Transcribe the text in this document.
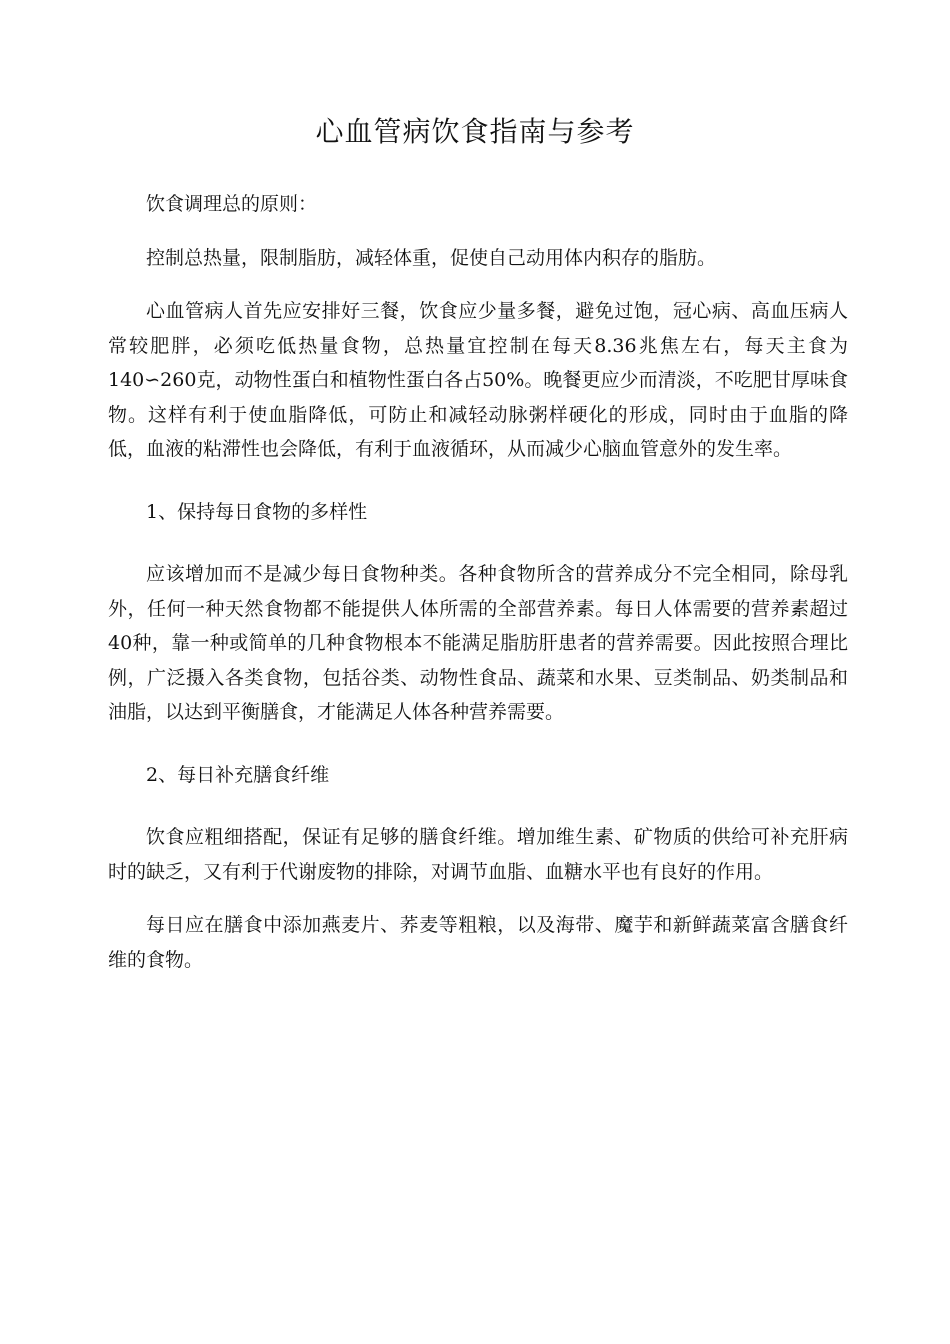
心血管病饮食指南与参考

饮食调理总的原则：

控制总热量，限制脂肪，减轻体重，促使自己动用体内积存的脂肪。

心血管病人首先应安排好三餐，饮食应少量多餐，避免过饱，冠心病、高血压病人常较肥胖，必须吃低热量食物，总热量宜控制在每天8.36兆焦左右，每天主食为140∽260克，动物性蛋白和植物性蛋白各占50%。晚餐更应少而清淡，不吃肥甘厚味食物。这样有利于使血脂降低，可防止和减轻动脉粥样硬化的形成，同时由于血脂的降低，血液的粘滞性也会降低，有利于血液循环，从而减少心脑血管意外的发生率。

1、保持每日食物的多样性

应该增加而不是减少每日食物种类。各种食物所含的营养成分不完全相同，除母乳外，任何一种天然食物都不能提供人体所需的全部营养素。每日人体需要的营养素超过40种，靠一种或简单的几种食物根本不能满足脂肪肝患者的营养需要。因此按照合理比例，广泛摄入各类食物，包括谷类、动物性食品、蔬菜和水果、豆类制品、奶类制品和油脂，以达到平衡膳食，才能满足人体各种营养需要。

2、每日补充膳食纤维

饮食应粗细搭配，保证有足够的膳食纤维。增加维生素、矿物质的供给可补充肝病时的缺乏，又有利于代谢废物的排除，对调节血脂、血糖水平也有良好的作用。

每日应在膳食中添加燕麦片、荞麦等粗粮，以及海带、魔芋和新鲜蔬菜富含膳食纤维的食物。
